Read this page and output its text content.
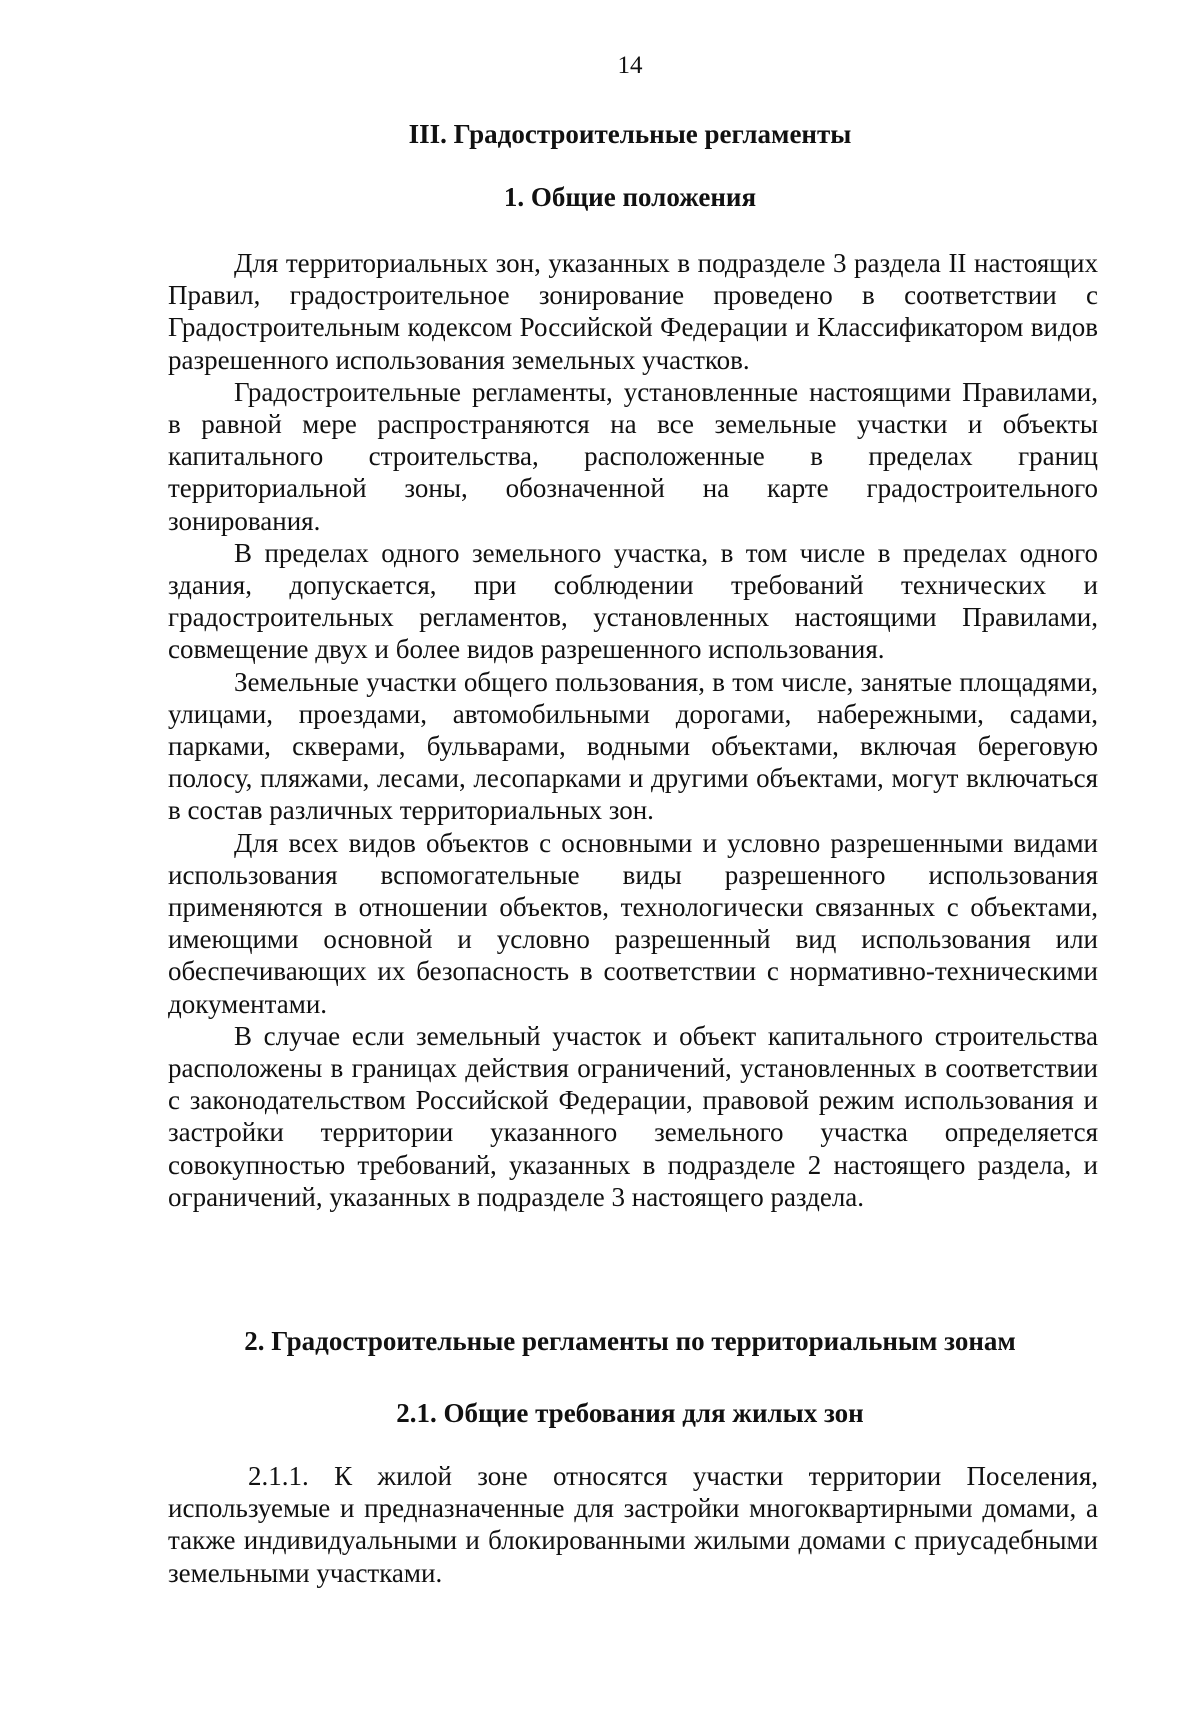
14
III. Градостроительные регламенты
1. Общие положения

Для территориальных зон, указанных в подразделе 3 раздела II настоящих Правил, градостроительное зонирование проведено в соответствии с Градостроительным кодексом Российской Федерации и Классификатором видов разрешенного использования земельных участков.

Градостроительные регламенты, установленные настоящими Правилами, в равной мере распространяются на все земельные участки и объекты капитального строительства, расположенные в пределах границ территориальной зоны, обозначенной на карте градостроительного зонирования.

В пределах одного земельного участка, в том числе в пределах одного здания, допускается, при соблюдении требований технических и градостроительных регламентов, установленных настоящими Правилами, совмещение двух и более видов разрешенного использования.

Земельные участки общего пользования, в том числе, занятые площадями, улицами, проездами, автомобильными дорогами, набережными, садами, парками, скверами, бульварами, водными объектами, включая береговую полосу, пляжами, лесами, лесопарками и другими объектами, могут включаться в состав различных территориальных зон.

Для всех видов объектов с основными и условно разрешенными видами использования вспомогательные виды разрешенного использования применяются в отношении объектов, технологически связанных с объектами, имеющими основной и условно разрешенный вид использования или обеспечивающих их безопасность в соответствии с нормативно-техническими документами.

В случае если земельный участок и объект капитального строительства расположены в границах действия ограничений, установленных в соответствии с законодательством Российской Федерации, правовой режим использования и застройки территории указанного земельного участка определяется совокупностью требований, указанных в подразделе 2 настоящего раздела, и ограничений, указанных в подразделе 3 настоящего раздела.

2. Градостроительные регламенты по территориальным зонам
2.1. Общие требования для жилых зон

2.1.1. К жилой зоне относятся участки территории Поселения, используемые и предназначенные для застройки многоквартирными домами, а также индивидуальными и блокированными жилыми домами с приусадебными земельными участками.
